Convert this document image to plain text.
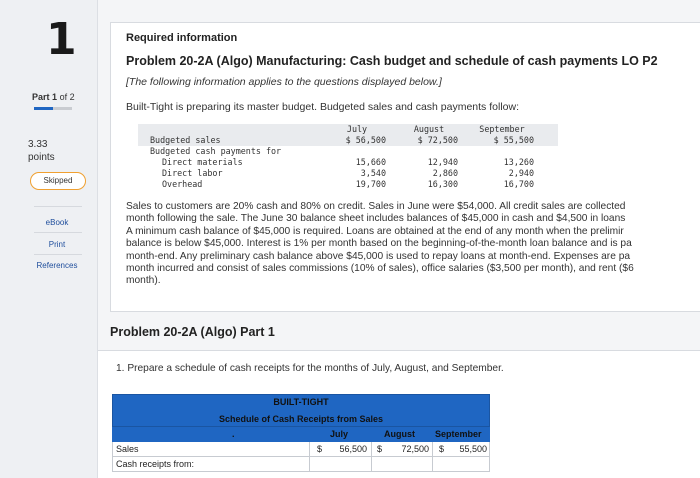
1
Part 1 of 2
3.33
points
Skipped
eBook
Print
References
Required information
Problem 20-2A (Algo) Manufacturing: Cash budget and schedule of cash payments LO P2
[The following information applies to the questions displayed below.]
Built-Tight is preparing its master budget. Budgeted sales and cash payments follow:
July	August	September
Budgeted sales	$ 56,500	$ 72,500	$ 55,500
Budgeted cash payments for
Direct materials	15,660	12,940	13,260
Direct labor	3,540	2,860	2,940
Overhead	19,700	16,300	16,700
Sales to customers are 20% cash and 80% on credit. Sales in June were $54,000. All credit sales are collected
month following the sale. The June 30 balance sheet includes balances of $45,000 in cash and $4,500 in loans
A minimum cash balance of $45,000 is required. Loans are obtained at the end of any month when the prelimir
balance is below $45,000. Interest is 1% per month based on the beginning-of-the-month loan balance and is pa
month-end. Any preliminary cash balance above $45,000 is used to repay loans at month-end. Expenses are pa
month incurred and consist of sales commissions (10% of sales), office salaries ($3,500 per month), and rent ($6
month).
Problem 20-2A (Algo) Part 1
1. Prepare a schedule of cash receipts for the months of July, August, and September.
BUILT-TIGHT
Schedule of Cash Receipts from Sales
.	July	August September
Sales	$	56,500 $	72,500 $	55,500
Cash receipts from:
